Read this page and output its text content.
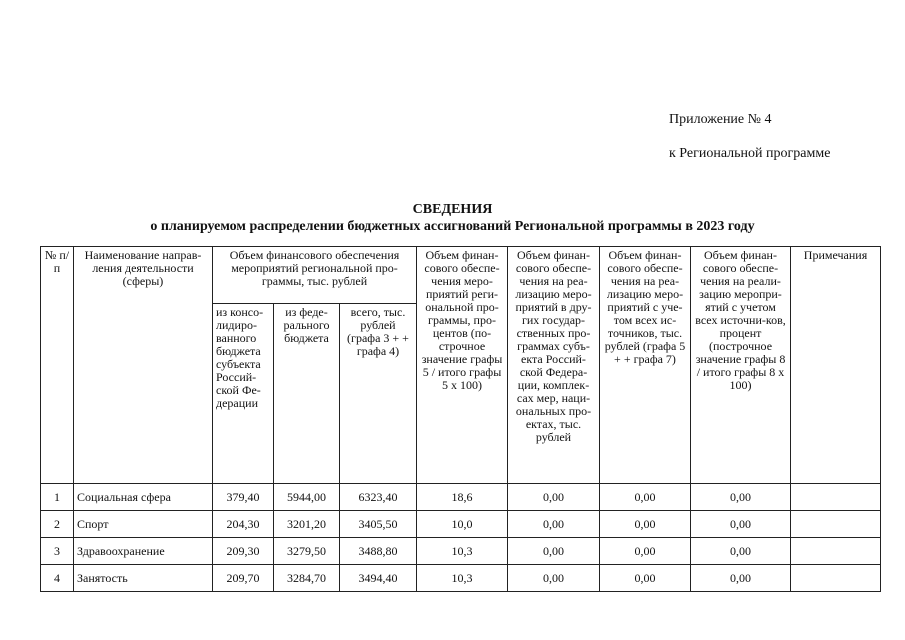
Приложение № 4
к Региональной программе
СВЕДЕНИЯ
о планируемом распределении бюджетных ассигнований Региональной программы в 2023 году
№ п/п	Наименование направ-ления деятельности (сферы)	Объем финансового обеспечения мероприятий региональной про-граммы, тыс. рублей			Объем финан-сового обеспе-чения меро-приятий реги-ональной про-граммы, про-центов (по-строчное значение графы 5 / итого графы 5 х 100)	Объем финан-сового обеспе-чения на реа-лизацию меро-приятий в дру-гих государ-ственных про-граммах субъ-екта Россий-ской Федера-ции, комплек-сах мер, наци-ональных про-ектах, тыс. рублей	Объем финан-сового обеспе-чения на реа-лизацию меро-приятий с уче-том всех ис-точников, тыс. рублей (графа 5 + + графа 7)	Объем финан-сового обеспе-чения на реали-зацию меропри-ятий с учетом всех источни-ков, процент (построчное значение графы 8 / итого графы 8 х 100)	Примечания
		из консо-лидиро-ванного бюджета субъекта Россий-ской Фе-дерации	из феде-рального бюджета	всего, тыс. рублей (графа 3 + + графа 4)					
1	Социальная сфера	379,40	5944,00	6323,40	18,6	0,00	0,00	0,00	
2	Спорт	204,30	3201,20	3405,50	10,0	0,00	0,00	0,00	
3	Здравоохранение	209,30	3279,50	3488,80	10,3	0,00	0,00	0,00	
4	Занятость	209,70	3284,70	3494,40	10,3	0,00	0,00	0,00	
